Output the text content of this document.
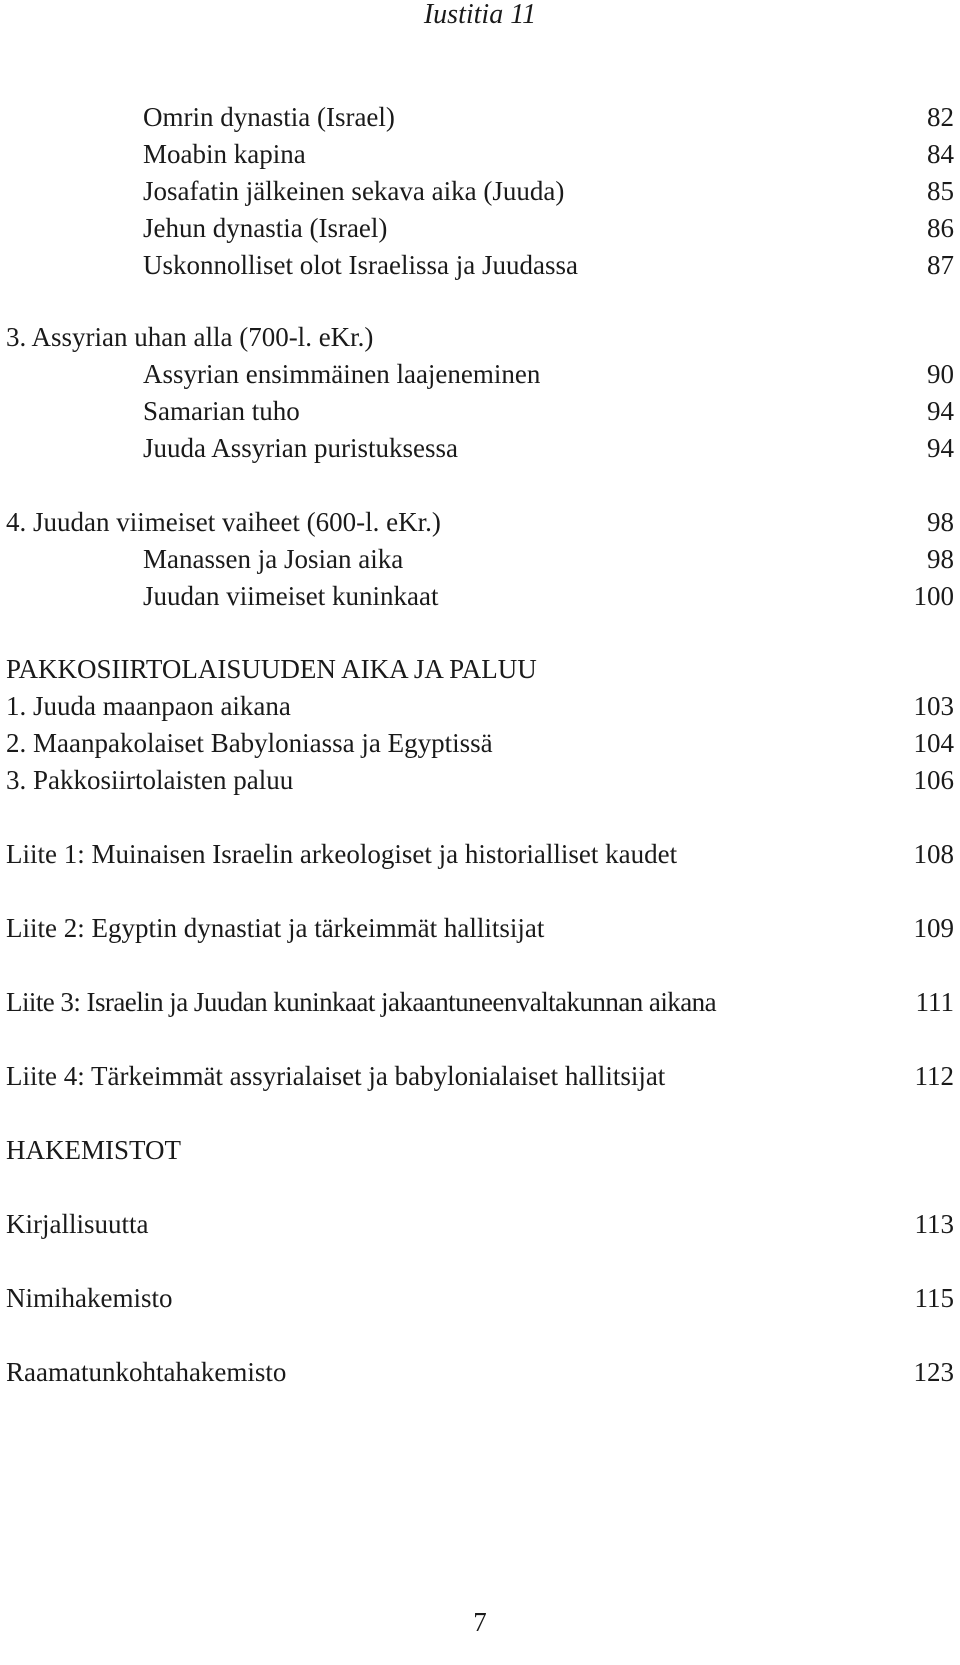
Iustitia 11
Omrin dynastia (Israel)	82
Moabin kapina	84
Josafatin jälkeinen sekava aika (Juuda)	85
Jehun dynastia (Israel)	86
Uskonnolliset olot Israelissa ja Juudassa	87
3. Assyrian uhan alla (700-l. eKr.)
Assyrian ensimmäinen laajeneminen	90
Samarian tuho	94
Juuda Assyrian puristuksessa	94
4. Juudan viimeiset vaiheet (600-l. eKr.)	98
Manassen ja Josian aika	98
Juudan viimeiset kuninkaat	100
PAKKOSIIRTOLAISUUDEN AIKA JA PALUU
1. Juuda maanpaon aikana	103
2. Maanpakolaiset Babyloniassa ja Egyptissä	104
3. Pakkosiirtolaisten paluu	106
Liite 1: Muinaisen Israelin arkeologiset ja historialliset kaudet	108
Liite 2: Egyptin dynastiat ja tärkeimmät hallitsijat	109
Liite 3: Israelin ja Juudan kuninkaat jakaantuneenvaltakunnan aikana	111
Liite 4: Tärkeimmät assyrialaiset ja babylonialaiset hallitsijat	112
HAKEMISTOT
Kirjallisuutta	113
Nimihakemisto	115
Raamatunkohtahakemisto	123
7
